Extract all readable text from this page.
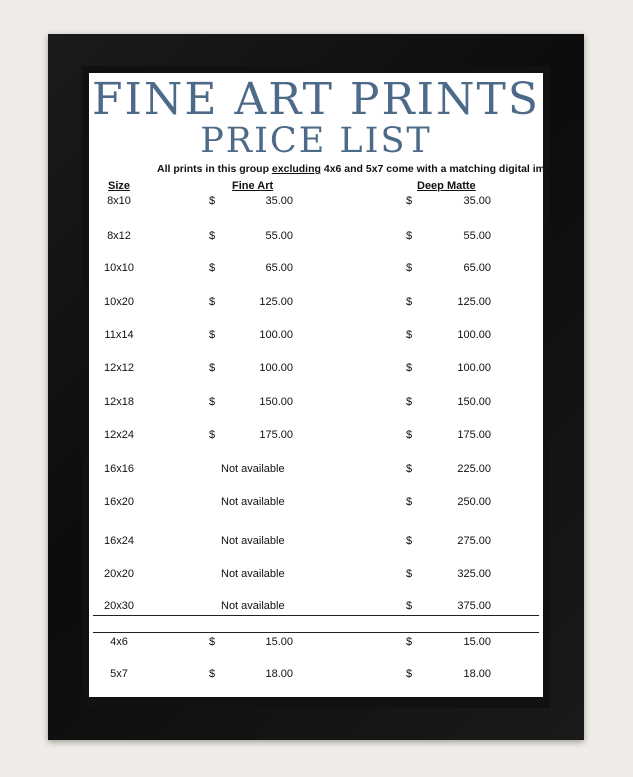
FINE ART PRINTS
PRICE LIST
All prints in this group excluding 4x6 and 5x7 come with a matching digital image
Size	Fine Art	Deep Matte
8x10	$	35.00	$	35.00
8x12	$	55.00	$	55.00
10x10	$	65.00	$	65.00
10x20	$	125.00	$	125.00
11x14	$	100.00	$	100.00
12x12	$	100.00	$	100.00
12x18	$	150.00	$	150.00
12x24	$	175.00	$	175.00
16x16	Not available	$	225.00
16x20	Not available	$	250.00
16x24	Not available	$	275.00
20x20	Not available	$	325.00
20x30	Not available	$	375.00
4x6	$	15.00	$	15.00
5x7	$	18.00	$	18.00
